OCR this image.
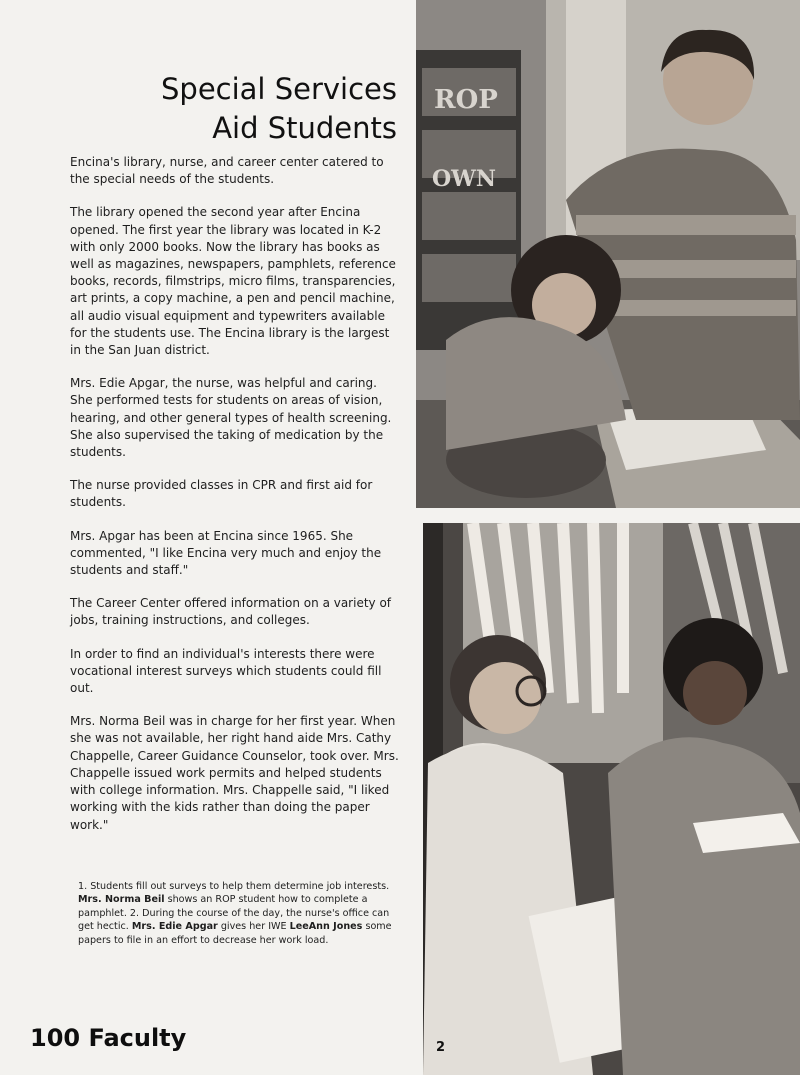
Special Services
Aid Students

Encina's library, nurse, and career center catered to the special needs of the students.

The library opened the second year after Encina opened. The first year the library was located in K-2 with only 2000 books. Now the library has books as well as magazines, newspapers, pamphlets, reference books, records, filmstrips, micro films, transparencies, art prints, a copy machine, a pen and pencil machine, all audio visual equipment and typewriters available for the students use. The Encina library is the largest in the San Juan district.

Mrs. Edie Apgar, the nurse, was helpful and caring. She performed tests for students on areas of vision, hearing, and other general types of health screening. She also supervised the taking of medication by the students.

The nurse provided classes in CPR and first aid for students.

Mrs. Apgar has been at Encina since 1965. She commented, "I like Encina very much and enjoy the students and staff."

The Career Center offered information on a variety of jobs, training instructions, and colleges.

In order to find an individual's interests there were vocational interest surveys which students could fill out.

Mrs. Norma Beil was in charge for her first year. When she was not available, her right hand aide Mrs. Cathy Chappelle, Career Guidance Counselor, took over. Mrs. Chappelle issued work permits and helped students with college information. Mrs. Chappelle said, "I liked working with the kids rather than doing the paper work."

1. Students fill out surveys to help them determine job interests. Mrs. Norma Beil shows an ROP student how to complete a pamphlet. 2. During the course of the day, the nurse's office can get hectic. Mrs. Edie Apgar gives her IWE LeeAnn Jones some papers to file in an effort to decrease her work load.
100 Faculty
ROP
OWN
2
